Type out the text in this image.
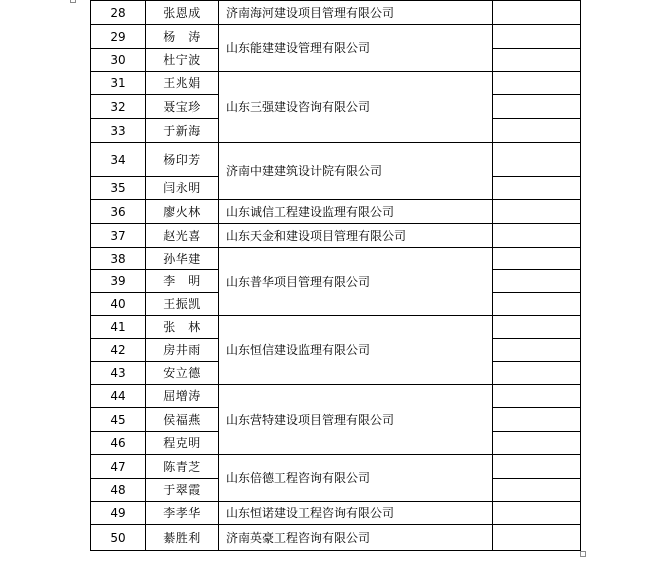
28	张恩成	济南海河建设项目管理有限公司	
29	杨　涛	山东能建建设管理有限公司	
30	杜宁波		
31	王兆娟	山东三强建设咨询有限公司	
32	聂宝珍		
33	于新海		
34	杨印芳	济南中建建筑设计院有限公司	
35	闫永明		
36	廖火林	山东诚信工程建设监理有限公司	
37	赵光喜	山东天金和建设项目管理有限公司	
38	孙华建	山东普华项目管理有限公司	
39	李　明		
40	王振凯		
41	张　林	山东恒信建设监理有限公司	
42	房井雨		
43	安立德		
44	屈增涛	山东营特建设项目管理有限公司	
45	侯福燕		
46	程克明		
47	陈青芝	山东倍德工程咨询有限公司	
48	于翠霞		
49	李孝华	山东恒诺建设工程咨询有限公司	
50	綦胜利	济南英豪工程咨询有限公司	
